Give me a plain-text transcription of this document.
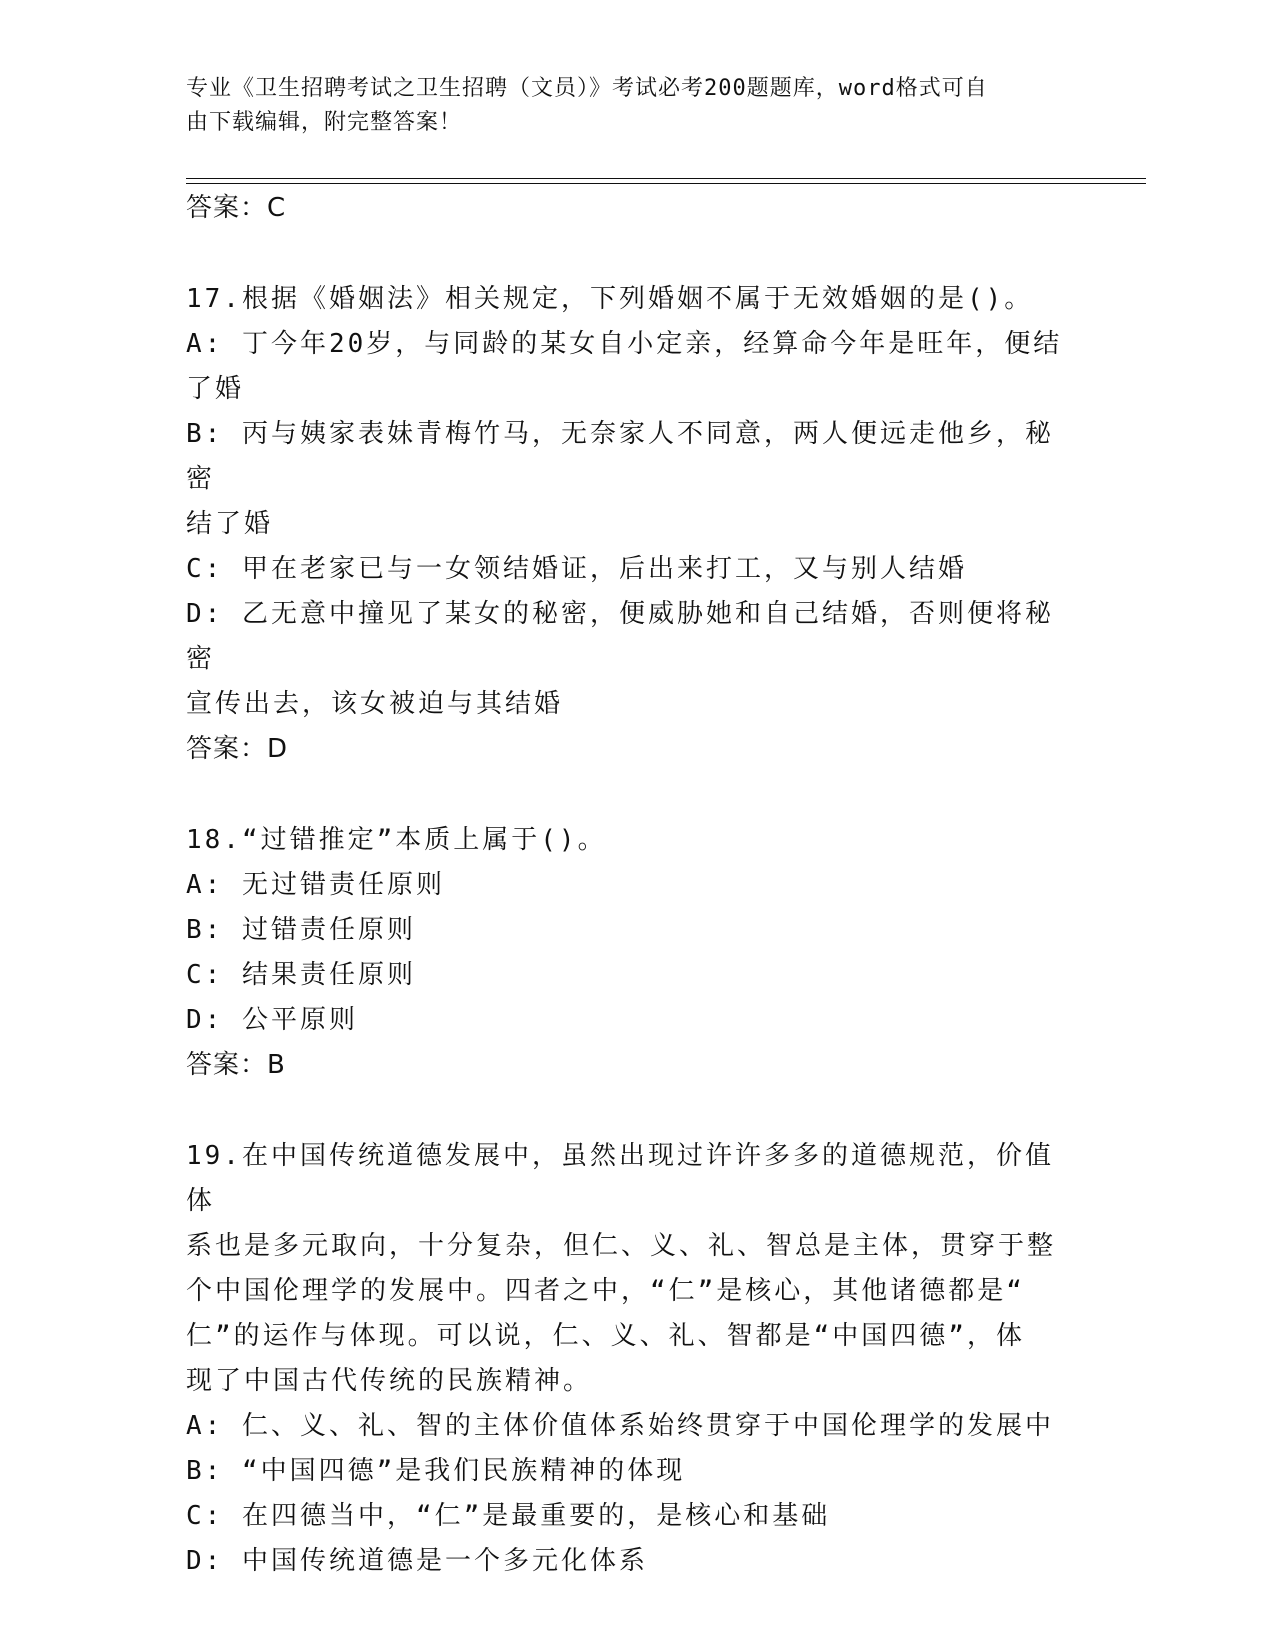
专业《卫生招聘考试之卫生招聘（文员）》考试必考200题题库，word格式可自
由下载编辑，附完整答案！
答案：C
17.根据《婚姻法》相关规定，下列婚姻不属于无效婚姻的是()。
A: 丁今年20岁，与同龄的某女自小定亲，经算命今年是旺年，便结
了婚
B: 丙与姨家表妹青梅竹马，无奈家人不同意，两人便远走他乡，秘密
结了婚
C: 甲在老家已与一女领结婚证，后出来打工，又与别人结婚
D: 乙无意中撞见了某女的秘密，便威胁她和自己结婚，否则便将秘密
宣传出去，该女被迫与其结婚
答案：D
18.“过错推定”本质上属于()。
A: 无过错责任原则
B: 过错责任原则
C: 结果责任原则
D: 公平原则
答案：B
19.在中国传统道德发展中，虽然出现过许许多多的道德规范，价值体
系也是多元取向，十分复杂，但仁、义、礼、智总是主体，贯穿于整
个中国伦理学的发展中。四者之中，“仁”是核心，其他诸德都是“
仁”的运作与体现。可以说，仁、义、礼、智都是“中国四德”，体
现了中国古代传统的民族精神。
A: 仁、义、礼、智的主体价值体系始终贯穿于中国伦理学的发展中
B: “中国四德”是我们民族精神的体现
C: 在四德当中，“仁”是最重要的，是核心和基础
D: 中国传统道德是一个多元化体系
